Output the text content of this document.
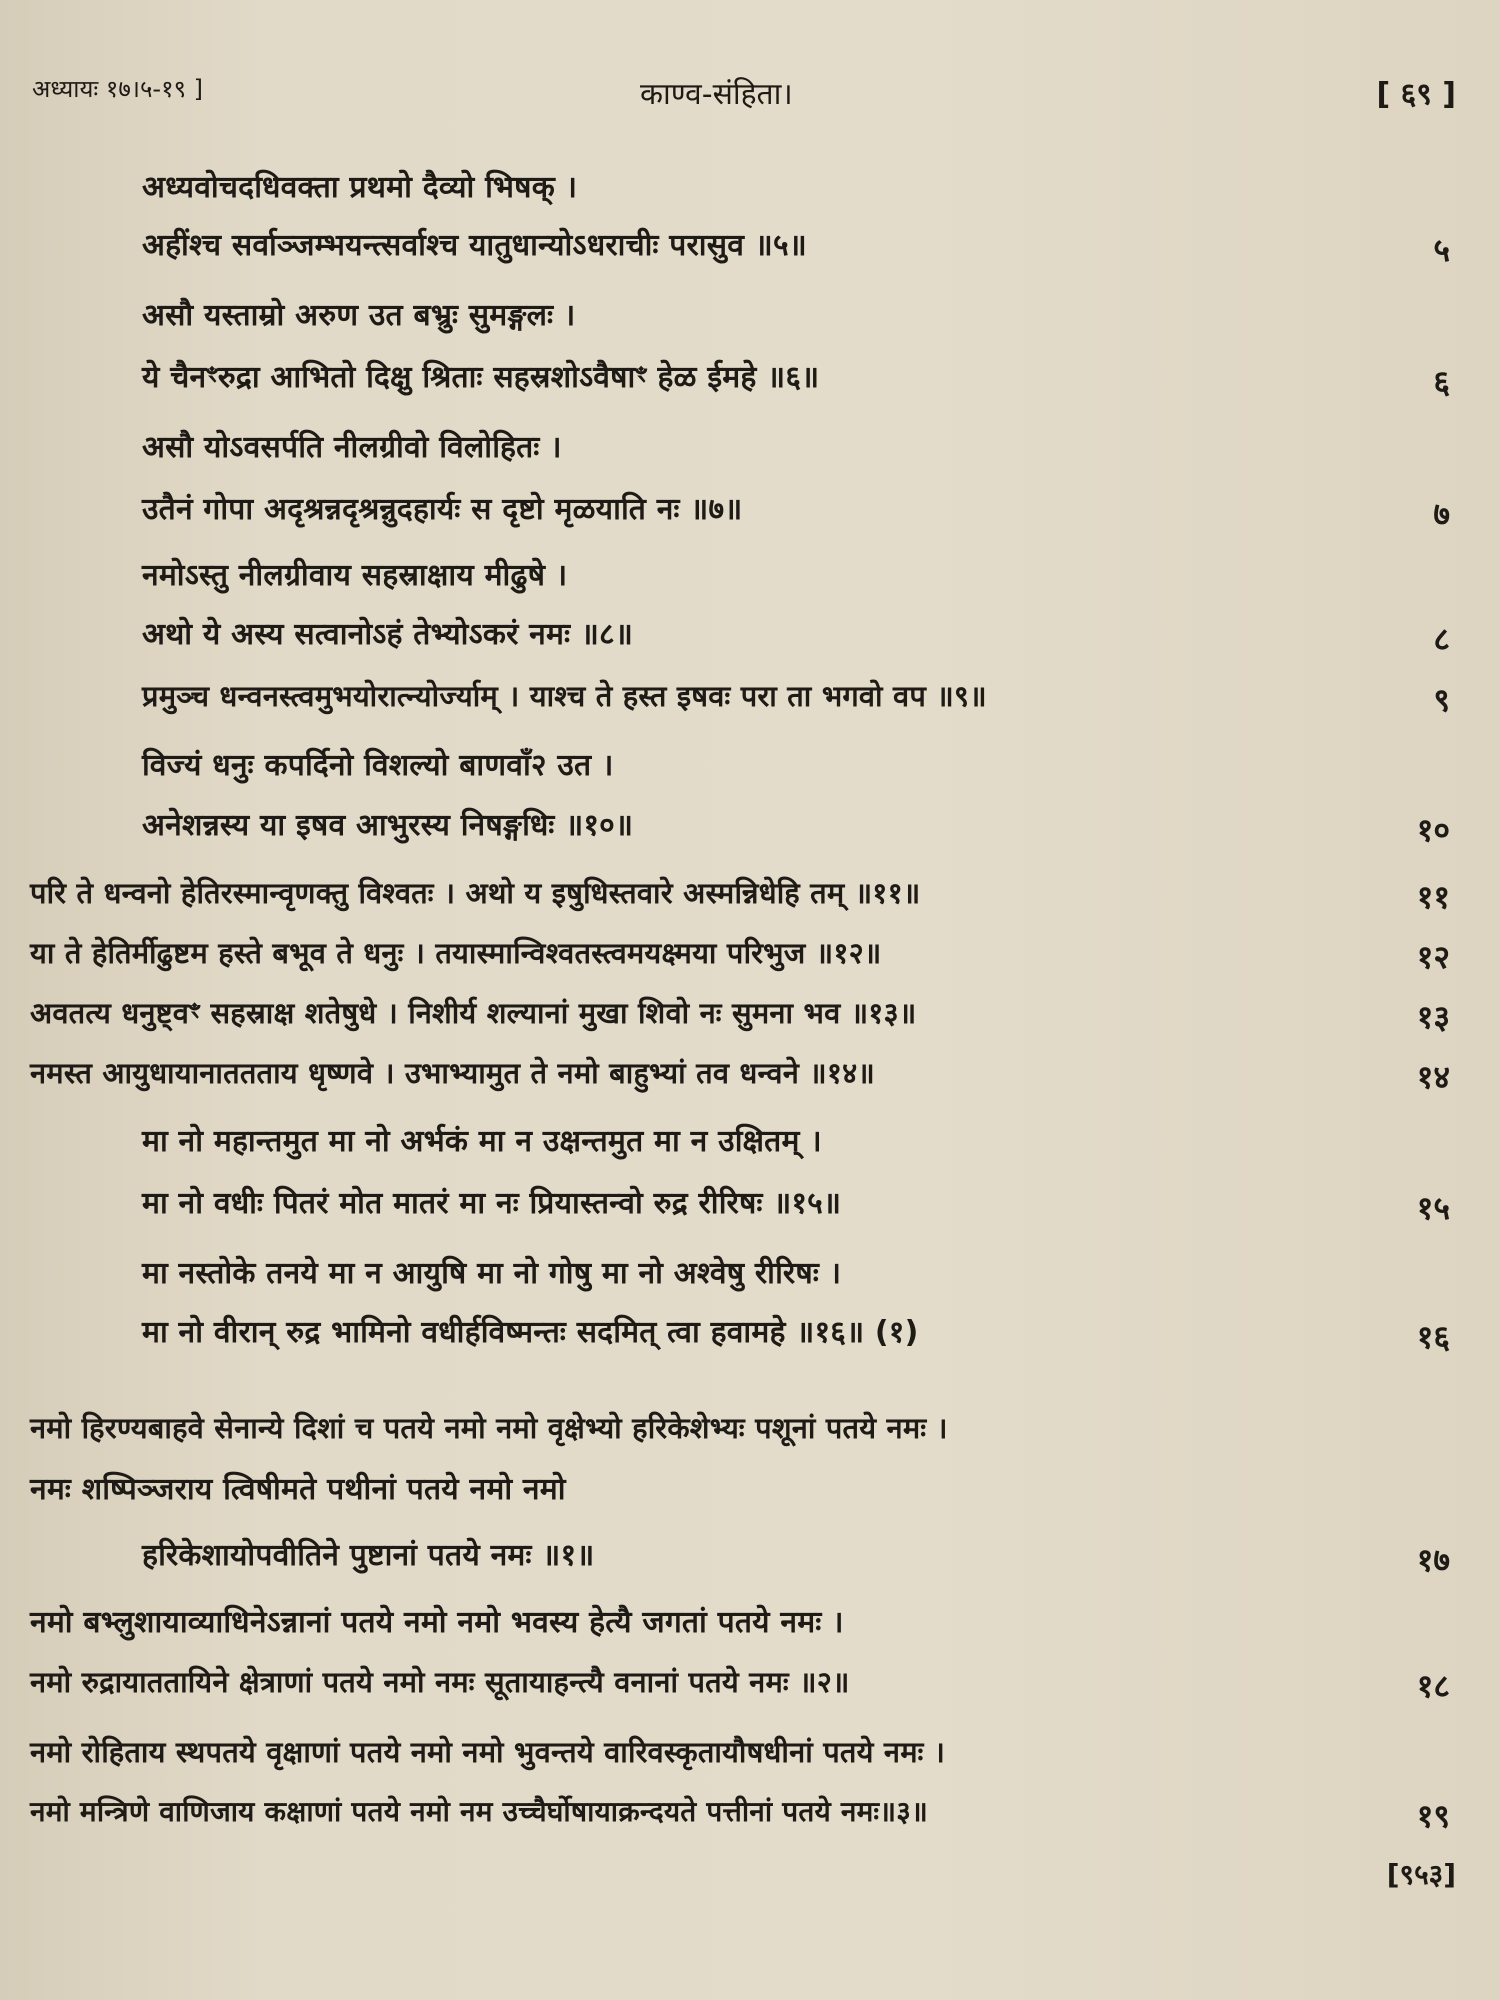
अध्यायः १७।५-१९ ]	काण्व-संहिता।	[ ६९ ]
अध्यवोचदधिवक्ता प्रथमो दैव्यो भिषक् ।
अहींश्च सर्वाञ्जम्भयन्त्सर्वाश्च यातुधान्योऽधराचीः परासुव ॥५॥	५
असौ यस्ताम्रो अरुण उत बभ्रुः सुमङ्गलः ।
ये चैनꣳरुद्रा आभितो दिक्षु श्रिताः सहस्रशोऽवैषाꣳ हेळ ईमहे ॥६॥	६
असौ योऽवसर्पति नीलग्रीवो विलोहितः ।
उतैनं गोपा अदृश्रन्नदृश्रन्नुदहार्यः स दृष्टो मृळयाति नः ॥७॥	७
नमोऽस्तु नीलग्रीवाय सहस्राक्षाय मीढुषे ।
अथो ये अस्य सत्वानोऽहं तेभ्योऽकरं नमः ॥८॥	८
प्रमुञ्च धन्वनस्त्वमुभयोरात्न्योर्ज्याम् । याश्च ते हस्त इषवः परा ता भगवो वप ॥९॥	९
विज्यं धनुः कपर्दिनो विशल्यो बाणवाँ२ उत ।
अनेशन्नस्य या इषव आभुरस्य निषङ्गधिः ॥१०॥	१०
परि ते धन्वनो हेतिरस्मान्वृणक्तु विश्वतः । अथो य इषुधिस्तवारे अस्मन्निधेहि तम् ॥११॥	११
या ते हेतिर्मीढुष्टम हस्ते बभूव ते धनुः । तयास्मान्विश्वतस्त्वमयक्ष्मया परिभुज ॥१२॥	१२
अवतत्य धनुष्ट्वꣳ सहस्राक्ष शतेषुधे । निशीर्य शल्यानां मुखा शिवो नः सुमना भव ॥१३॥	१३
नमस्त आयुधायानाततताय धृष्णवे । उभाभ्यामुत ते नमो बाहुभ्यां तव धन्वने ॥१४॥	१४
मा नो महान्तमुत मा नो अर्भकं मा न उक्षन्तमुत मा न उक्षितम् ।
मा नो वधीः पितरं मोत मातरं मा नः प्रियास्तन्वो रुद्र रीरिषः ॥१५॥	१५
मा नस्तोके तनये मा न आयुषि मा नो गोषु मा नो अश्वेषु रीरिषः ।
मा नो वीरान् रुद्र भामिनो वधीर्हविष्मन्तः सदमित् त्वा हवामहे ॥१६॥ (१)	१६
नमो हिरण्यबाहवे सेनान्ये दिशां च पतये नमो नमो वृक्षेभ्यो हरिकेशेभ्यः पशूनां पतये नमः ।
नमः शष्पिञ्जराय त्विषीमते पथीनां पतये नमो नमो
हरिकेशायोपवीतिने पुष्टानां पतये नमः ॥१॥	१७
नमो बभ्लुशायाव्याधिनेऽन्नानां पतये नमो नमो भवस्य हेत्यै जगतां पतये नमः ।
नमो रुद्रायाततायिने क्षेत्राणां पतये नमो नमः सूतायाहन्त्यै वनानां पतये नमः ॥२॥	१८
नमो रोहिताय स्थपतये वृक्षाणां पतये नमो नमो भुवन्तये वारिवस्कृतायौषधीनां पतये नमः ।
नमो मन्त्रिणे वाणिजाय कक्षाणां पतये नमो नम उच्चैर्घोषायाक्रन्दयते पत्तीनां पतये नमः॥३॥	१९
[९५३]
